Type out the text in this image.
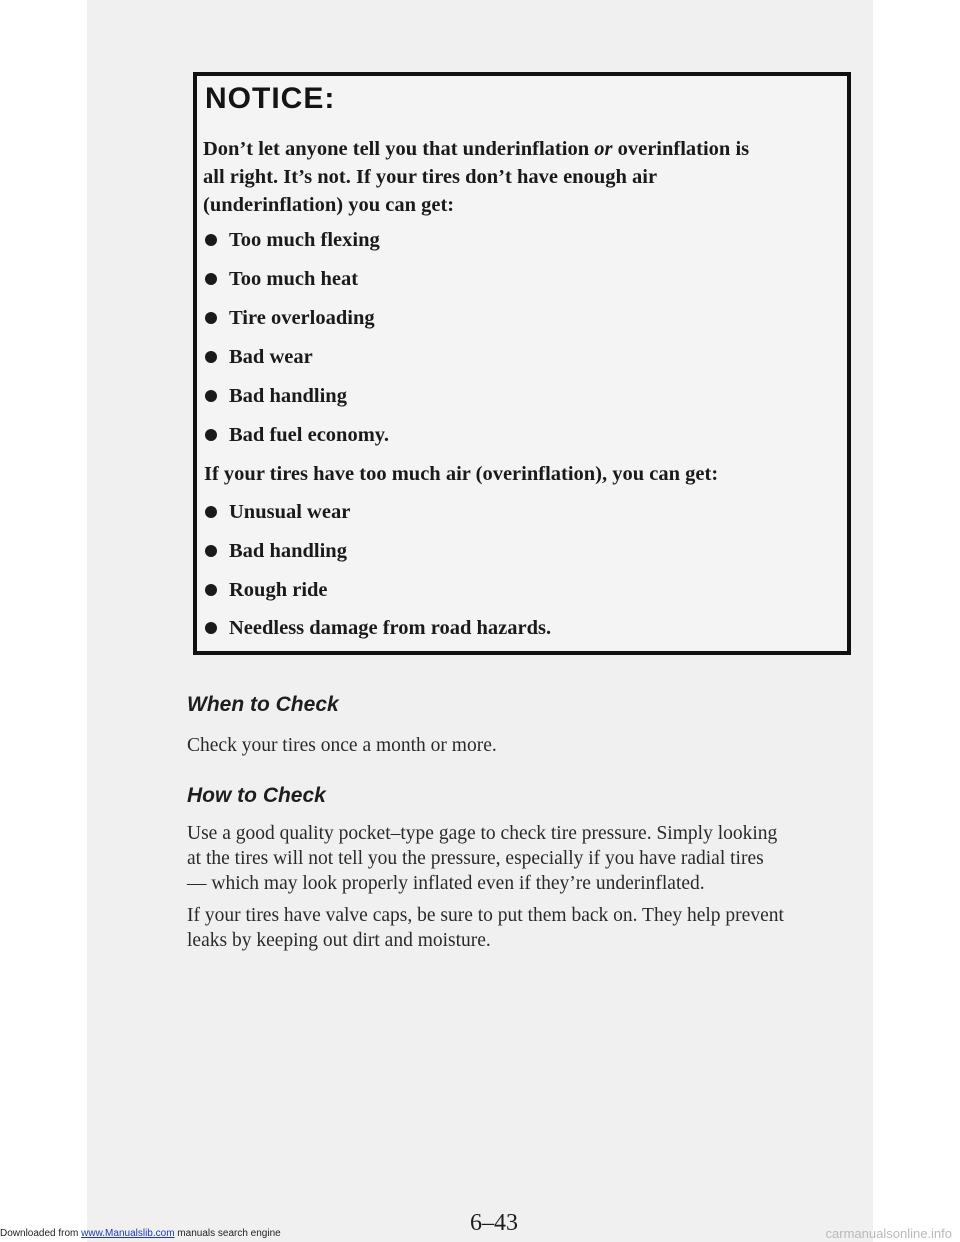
NOTICE:
Don’t let anyone tell you that underinflation or overinflation is
all right. It’s not. If your tires don’t have enough air
(underinflation) you can get:
Too much flexing
Too much heat
Tire overloading
Bad wear
Bad handling
Bad fuel economy.
If your tires have too much air (overinflation), you can get:
Unusual wear
Bad handling
Rough ride
Needless damage from road hazards.
When to Check

Check your tires once a month or more.

How to Check

Use a good quality pocket–type gage to check tire pressure. Simply looking

at the tires will not tell you the pressure, especially if you have radial tires

— which may look properly inflated even if they’re underinflated.

If your tires have valve caps, be sure to put them back on. They help prevent

leaks by keeping out dirt and moisture.

6–43
Downloaded from www.Manualslib.com manuals search engine	carmanualsonline.info
